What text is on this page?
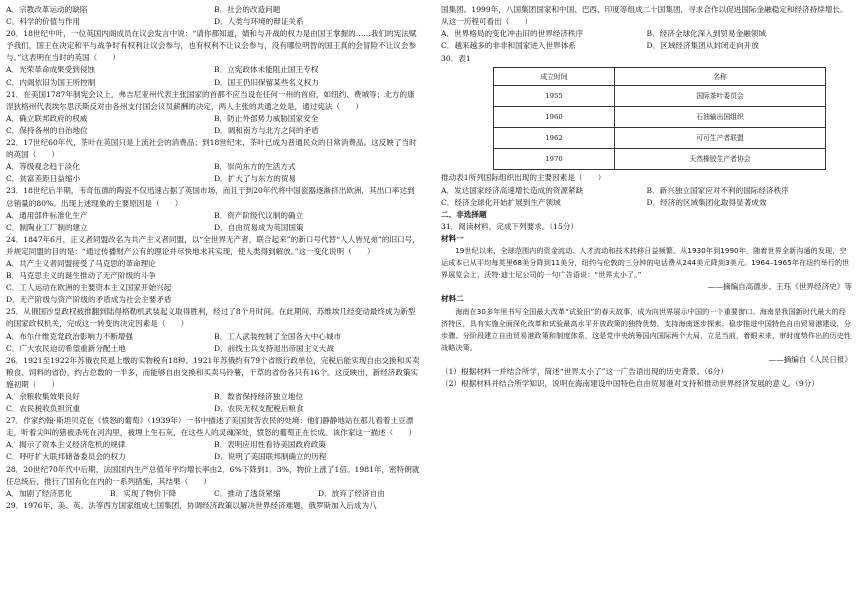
A．宗教改革运动的缺陷	B．社会的改造问题
C．科学的价值与作用	D．人类与环境的辩证关系

20．18世纪中叶，一位英国内阁成员在议会发言中说：“请你都知道，婧和与开战的权力是由国王掌握的……我们的宪法赋予我们，国王在决定和平与战争时有权利让议会参与，也有权利不让议会参与，没有哪位明智的国王真的会冒险不让议会参与。”这表明在当时的英国（　　）

A．光荣革命成果受到侵蚀	B．立宪政体未能阻止国王专权
C．内阁依旧为国王所控制	D．国王仍旧保留某些名义权力

21．在美国1787年制宪会议上，弗吉尼亚州代表主张国家的首都不应当设在任何一州的首府，如纽约、费城等；北方的康涅狄格州代表埃尔思沃斯反对由各州支付国会议员薪酬的决定，两人主张的共通之处是，通过宪法（　　）

A．确立联邦政府的权威	B．防止外部势力威胁国家安全
C．保持各州的自治地位	D．调和南方与北方之间的矛盾

22．17世纪60年代，茶叶在英国只是上流社会的消费品；到18世纪末，茶叶已成为普通民众的日常消费品。这反映了当时的英国（　　）

A．等级观念趋于淡化	B．崇尚东方的生活方式
C．贫富差距日益缩小	D．扩大了与东方的贸易

23．18世纪后半期，韦奇伍德的陶瓷不仅迅速占据了英国市场，而且于到20年代将中国瓷器逐渐挤出欧洲，其出口率达到总销量的80%。出现上述现象的主要原因是（　　）

A．通用部件标准化生产	B．资产阶级代议制的确立
C．制陶业工厂制的建立	D．自由贸易成为英国国策

24．1847年6月，正义者同盟改名为共产主义者同盟，以“全世界无产者，联合起来”的新口号代替“人人皆兄弟”的旧口号，并规定同盟的目的是：“通过传播财产公有的理论并尽快地求其实现，使人类得到解放。”这一变化说明（　　）

A．共产主义者同盟接受了马克思的革命理论
B．马克思主义的诞生推动了无产阶级的斗争
C．工人运动在欧洲的主要资本主义国家开始兴起
D．无产阶级与资产阶级的矛盾成为社会主要矛盾

25．从俄国沙皇政权被推翻到陆得格勒机武装起义取得胜利，经过了8个月时间。在此期间，苏维埃几经变动最终成为新型的国家政权机关，完成这一转变的决定因素是（　　）

A．布尔什维克党政治影响力不断增强	B．工人武装控制了全国各大中心城市
C．广大农民迫切希望重新分配土地	D．前线士兵支持退出帝国主义大战

26．1921至1922年苏俄农民退上缴的实物税有18种。1921年苏俄约有79个省级行政单位，完税后能实现自由交换和买卖粮食、饲料的省份，约占总数的一半多，而能够自由交换和买卖马铃薯，干草的省份各只有16个。这反映出，新经济政策实施初期（　　）

A．余粮收集效果良好	B．数省保持经济独立地位
C．农民税收负担沉重	D．农民无权支配税后粮食

27．作家约翰·斯坦贝克在《愤怒的葡萄》（1939年）一书中描述了美国贫苦农民的处境：他们静静地站在那儿看着土豆漂走，听着尖叫的猪被杀死在河沟里，被埋上生石灰，在这些人的灵魂深处，愤怒的葡萄正在长成。该作家这一描述（　　）

A．揭示了资本主义经济危机的规律	B．表明应用性看待美国政府政策
C．呼吁扩大联邦储备委员会的权力	D．说明了美国联邦制确立的历程

28．20世纪70年代中后期，法国国内生产总值年平均增长率由2．6%下降到1．3%，物价上涨了1倍。1981年，密特朗就任总统后，推行了国有化在内的一系列措施，其结果（　　）

A．加剧了经济恶化	B．实现了物价下降	C．推动了透货紧缩	D．放弃了经济自由

29．1976年，美、英、法等西方国家组成七国集团，协调经济政策以解决世界经济难题，俄罗斯加入后成为八

国集团。1999年，八国集团国家和中国、巴西、印度等组成二十国集团，寻求合作以促进国际金融稳定和经济持续增长。从这一历程可看出（　　）

A．世界格局的变化冲击旧的世界经济秩序	B．经济全球化深入到贸易金融领域
C．越来越多的非非和国家进入世界体系	D．区域经济集团从封闭走向开放

30．表1

成立时间	名称
1955	国际茶叶委员会
1960	石油输出国组织
1962	可可生产者联盟
1970	天然橡胶生产者协会

推动表1所列国际组织出现的主要因素是（　　）

A．发达国家经济高速增长造成的资源紧缺	B．新兴独立国家应对不利的国际经济秩序
C．经济全球化开始扩展到生产领域	D．经济的区域集团化取得显著成效

二、非选择题

31．阅读材料，完成下列要求。（15分）

材料一

19世纪以来，全球范围内的资金流动、人才流动和技术转移日益频繁。从1930年到1990年，随着世界全新沟通的发现，空运成本已从平均每英里68美分降到11美分，纽约与伦敦的三分钟的电话费从244美元降到3美元。1964–1965年在纽约举行的世界展览会上，沃特·迪士尼公司的一句广告语说：“世界太小了。”

——摘编自高德步、王珏《世界经济史》等

材料二

海南在30多年里书写全国最大改革“试验田”的春天故事，成为向世界展示中国的一个重要窗口。海南是我国新时代最大的经济特区，具有实施全面深化改革和试验最高水平开放政策的独特优势，支持海南逐步探索、稳步推进中国特色自由贸易港建设，分步骤、分阶段建立自由贸易港政策和制度体系，这是党中央统筹国内国际两个大局，立足当前，着眼未来，审时度势作出的历史性战略决策。

——摘编自《人民日报》

（1）根据材料一并结合所学，简述“世界太小了”这一广告语出现的历史背景。（6分）

（2）根据材料并结合所学知识，说明在海南建设中国特色自由贸易港对支持和推动世界经济发展的意义。（9分）
